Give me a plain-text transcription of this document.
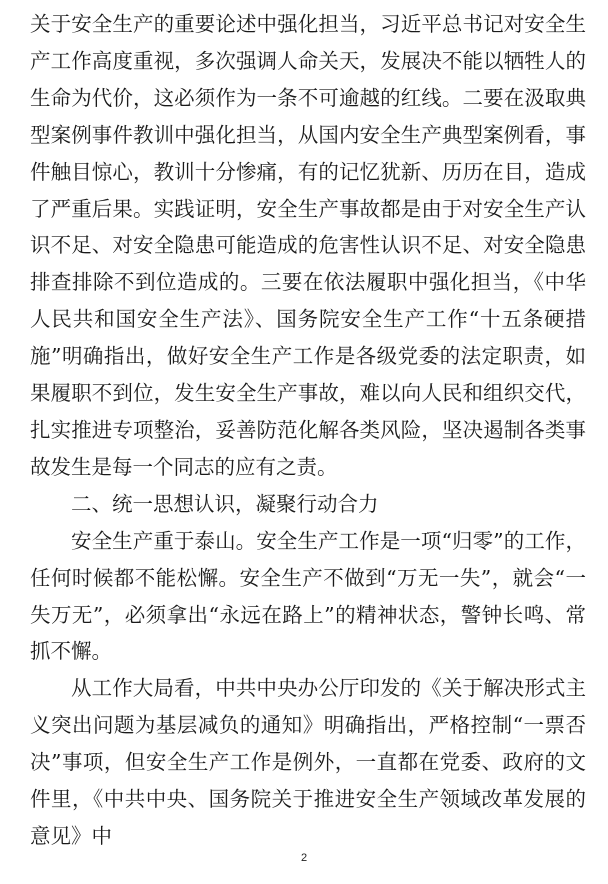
关于安全生产的重要论述中强化担当，习近平总书记对安全生产工作高度重视，多次强调人命关天，发展决不能以牺牲人的生命为代价，这必须作为一条不可逾越的红线。二要在汲取典型案例事件教训中强化担当，从国内安全生产典型案例看，事件触目惊心，教训十分惨痛，有的记忆犹新、历历在目，造成了严重后果。实践证明，安全生产事故都是由于对安全生产认识不足、对安全隐患可能造成的危害性认识不足、对安全隐患排查排除不到位造成的。三要在依法履职中强化担当，《中华人民共和国安全生产法》、国务院安全生产工作“十五条硬措施”明确指出，做好安全生产工作是各级党委的法定职责，如果履职不到位，发生安全生产事故，难以向人民和组织交代，扎实推进专项整治，妥善防范化解各类风险，坚决遏制各类事故发生是每一个同志的应有之责。

二、统一思想认识，凝聚行动合力

安全生产重于泰山。安全生产工作是一项“归零”的工作，任何时候都不能松懈。安全生产不做到“万无一失”，就会“一失万无”，必须拿出“永远在路上”的精神状态，警钟长鸣、常抓不懈。

从工作大局看，中共中央办公厅印发的《关于解决形式主义突出问题为基层减负的通知》明确指出，严格控制“一票否决”事项，但安全生产工作是例外，一直都在党委、政府的文件里，《中共中央、国务院关于推进安全生产领域改革发展的意见》中

2
